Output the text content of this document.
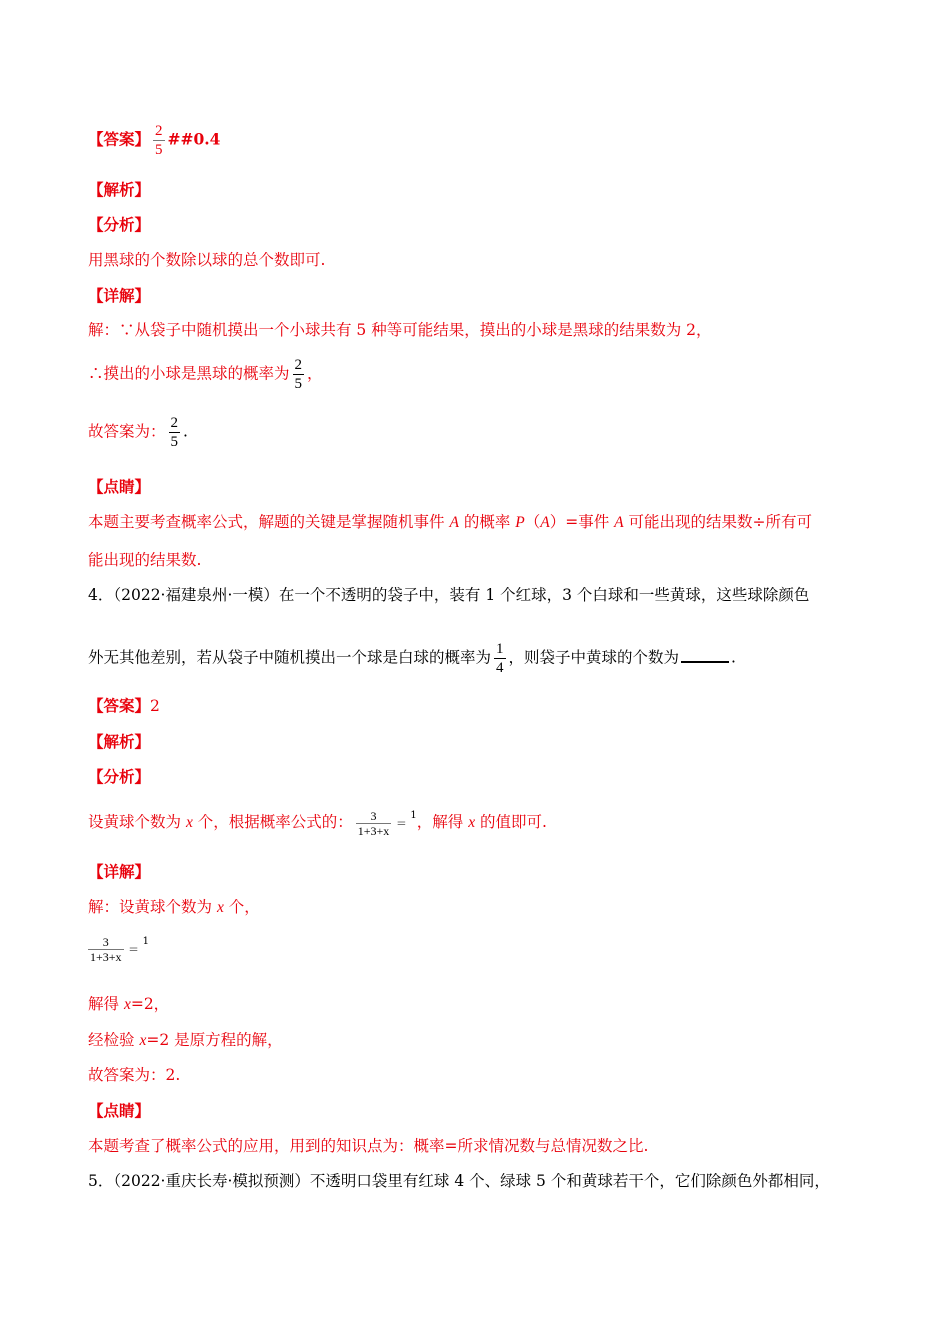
【答案】 $\frac{2}{5}$ ##0.4
【解析】
【分析】
用黑球的个数除以球的总个数即可.
【详解】
解：∵从袋子中随机摸出一个小球共有 5 种等可能结果，摸出的小球是黑球的结果数为 2，
∴摸出的小球是黑球的概率为 $\frac{2}{5}$ ，
故答案为： $\frac{2}{5}$ .
【点睛】
本题主要考查概率公式，解题的关键是掌握随机事件 A 的概率 P（A）=事件 A 可能出现的结果数÷所有可
能出现的结果数.
4．（2022·福建泉州·一模）在一个不透明的袋子中，装有 1 个红球，3 个白球和一些黄球，这些球除颜色
外无其他差别，若从袋子中随机摸出一个球是白球的概率为 $\frac{1}{4}$ ，则袋子中黄球的个数为	.
【答案】2
【解析】
【分析】
设黄球个数为 x 个，根据概率公式的： $\frac{3}{1+3+x} =^1$，解得 x 的值即可.
【详解】
解：设黄球个数为 x 个，
$\frac{3}{1+3+x} =^1$
解得 x=2，
经检验 x=2 是原方程的解，
故答案为：2.
【点睛】
本题考查了概率公式的应用，用到的知识点为：概率=所求情况数与总情况数之比.
5．（2022·重庆长寿·模拟预测）不透明口袋里有红球 4 个、绿球 5 个和黄球若干个，它们除颜色外都相同，
